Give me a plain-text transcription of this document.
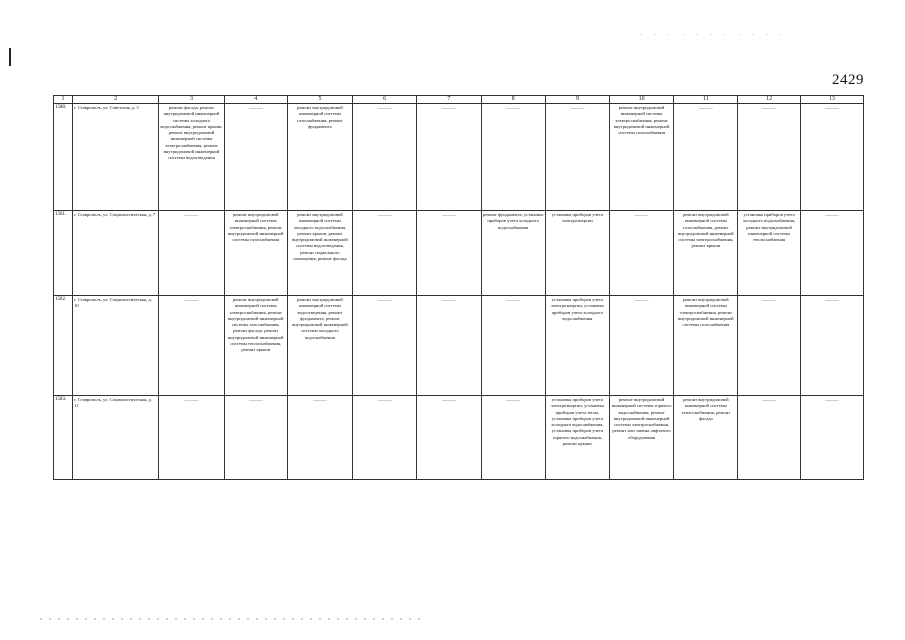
2429
1	2	3	4	5	6	7	8	9	10	11	12	13
1580.	г. Ставрополь, ул. Советская, д. 5	ремонт фасада, ремонт внутридомовой инженерной системы холодного водоснабжения, ремонт крыши, ремонт внутридомовой инженерной системы электроснабжения, ремонт внутридомовой инженерной системы водоотведения	———	ремонт внутридомовой инженерной системы газоснабжения, ремонт фундамента	———	———	———	———	ремонт внутридомовой инженерной системы электроснабжения, ремонт внутридомовой инженерной системы газоснабжения	———	———	———
1581.	г. Ставрополь, ул. Социалистическая, д. 7	———	ремонт внутридомовой инженерной системы электроснабжения, ремонт внутридомовой инженерной системы газоснабжения	ремонт внутридомовой инженерной системы холодного водоснабжения, ремонт крыши, ремонт внутридомовой инженерной системы водоотведения, ремонт подвального помещения, ремонт фасада	———	———	ремонт фундамента, установка приборов учета холодного водоснабжения	установка приборов учета электроэнергии	———	ремонт внутридомовой инженерной системы газоснабжения, ремонт внутридомовой инженерной системы электроснабжения, ремонт крыши	установка приборов учета холодного водоснабжения, ремонт внутридомовой инженерной системы теплоснабжения	———
1582.	г. Ставрополь, ул. Социалистическая, д. 10	———	ремонт внутридомовой инженерной системы электроснабжения, ремонт внутридомовой инженерной системы газоснабжения, ремонт фасада, ремонт внутридомовой инженерной системы теплоснабжения, ремонт крыши	ремонт внутридомовой инженерной системы водоотведения, ремонт фундамента, ремонт внутридомовой инженерной системы холодного водоснабжения	———	———	———	установка приборов учета электроэнергии, установка приборов учета холодного водоснабжения	———	ремонт внутридомовой инженерной системы электроснабжения, ремонт внутридомовой инженерной системы газоснабжения	———	———
1583.	г. Ставрополь, ул. Социалистическая, д. 11	———	———	———	———	———	———	установка приборов учета электроэнергии, установка приборов учета тепла, установка приборов учета холодного водоснабжения, установка приборов учета горячего водоснабжения, ремонт крыши	ремонт внутридомовой инженерной системы горячего водоснабжения, ремонт внутридомовой инженерной системы электроснабжения, ремонт или замена лифтового оборудования	ремонт внутридомовой инженерной системы теплоснабжения, ремонт фасада	———	———
